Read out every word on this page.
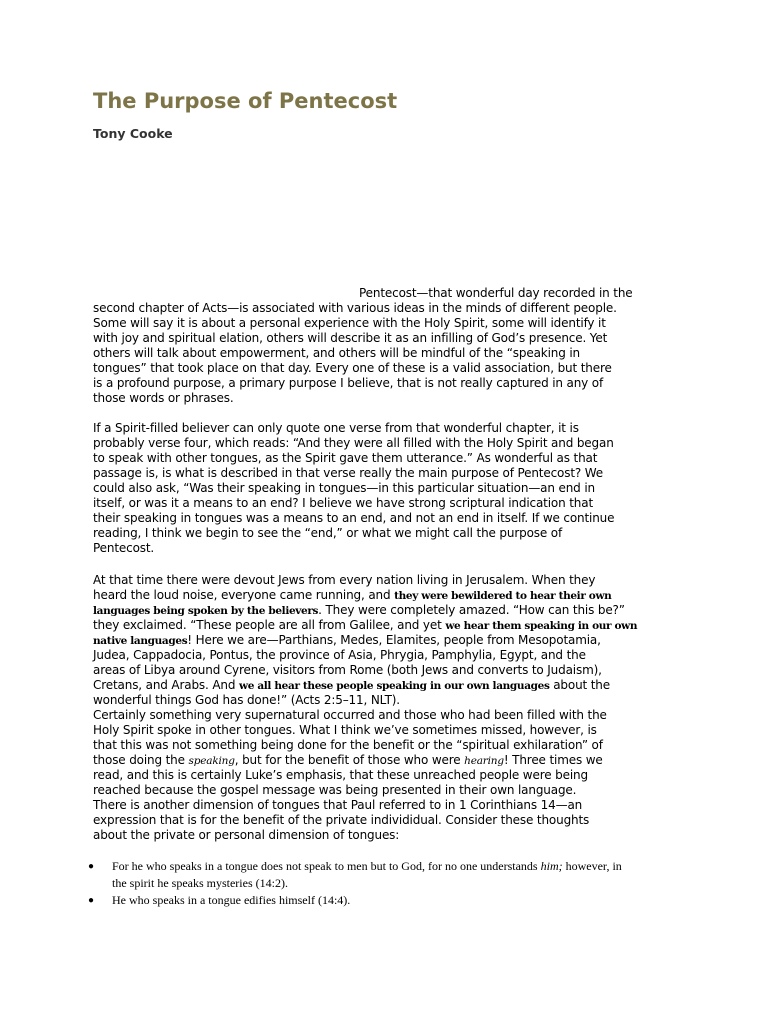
The Purpose of Pentecost
Tony Cooke
Pentecost—that wonderful day recorded in the
second chapter of Acts—is associated with various ideas in the minds of different people.
Some will say it is about a personal experience with the Holy Spirit, some will identify it
with joy and spiritual elation, others will describe it as an infilling of God’s presence. Yet
others will talk about empowerment, and others will be mindful of the “speaking in
tongues” that took place on that day. Every one of these is a valid association, but there
is a profound purpose, a primary purpose I believe, that is not really captured in any of
those words or phrases.
If a Spirit-filled believer can only quote one verse from that wonderful chapter, it is
probably verse four, which reads: “And they were all filled with the Holy Spirit and began
to speak with other tongues, as the Spirit gave them utterance.” As wonderful as that
passage is, is what is described in that verse really the main purpose of Pentecost? We
could also ask, “Was their speaking in tongues—in this particular situation—an end in
itself, or was it a means to an end? I believe we have strong scriptural indication that
their speaking in tongues was a means to an end, and not an end in itself. If we continue
reading, I think we begin to see the “end,” or what we might call the purpose of
Pentecost.
At that time there were devout Jews from every nation living in Jerusalem. When they
heard the loud noise, everyone came running, and they were bewildered to hear their own
languages being spoken by the believers. They were completely amazed. “How can this be?”
they exclaimed. “These people are all from Galilee, and yet we hear them speaking in our own
native languages! Here we are—Parthians, Medes, Elamites, people from Mesopotamia,
Judea, Cappadocia, Pontus, the province of Asia, Phrygia, Pamphylia, Egypt, and the
areas of Libya around Cyrene, visitors from Rome (both Jews and converts to Judaism),
Cretans, and Arabs. And we all hear these people speaking in our own languages about the
wonderful things God has done!” (Acts 2:5–11, NLT).
Certainly something very supernatural occurred and those who had been filled with the
Holy Spirit spoke in other tongues. What I think we’ve sometimes missed, however, is
that this was not something being done for the benefit or the “spiritual exhilaration” of
those doing the speaking, but for the benefit of those who were hearing! Three times we
read, and this is certainly Luke’s emphasis, that these unreached people were being
reached because the gospel message was being presented in their own language.
There is another dimension of tongues that Paul referred to in 1 Corinthians 14—an
expression that is for the benefit of the private individidual. Consider these thoughts
about the private or personal dimension of tongues:
● For he who speaks in a tongue does not speak to men but to God, for no one understands him; however, in
the spirit he speaks mysteries (14:2).
● He who speaks in a tongue edifies himself (14:4).
